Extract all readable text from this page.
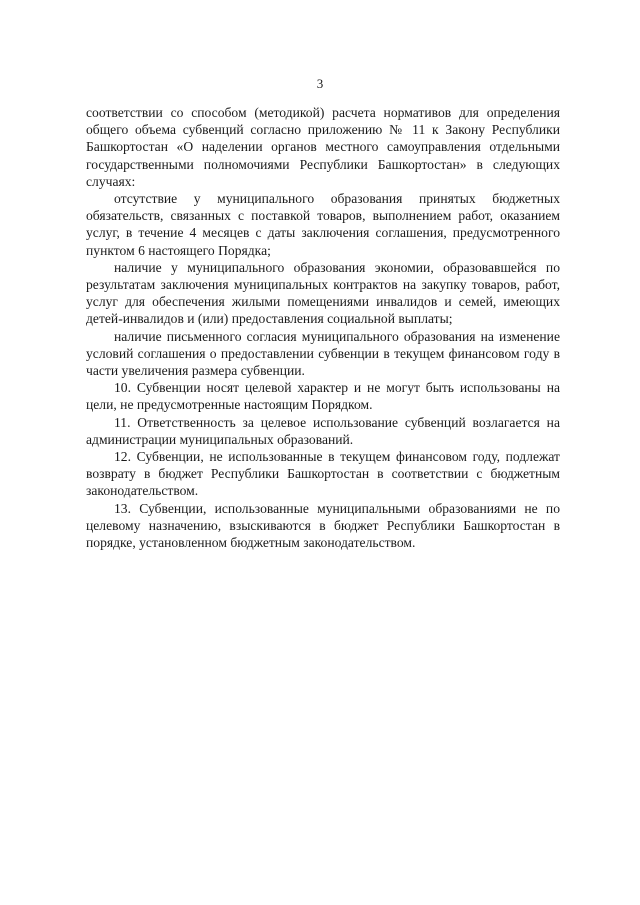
3

соответствии со способом (методикой) расчета нормативов для определения общего объема субвенций согласно приложению № 11 к Закону Республики Башкортостан «О наделении органов местного самоуправления отдельными государственными полномочиями Республики Башкортостан» в следующих случаях:

отсутствие у муниципального образования принятых бюджетных обязательств, связанных с поставкой товаров, выполнением работ, оказанием услуг, в течение 4 месяцев с даты заключения соглашения, предусмотренного пунктом 6 настоящего Порядка;

наличие у муниципального образования экономии, образовавшейся по результатам заключения муниципальных контрактов на закупку товаров, работ, услуг для обеспечения жилыми помещениями инвалидов и семей, имеющих детей-инвалидов и (или) предоставления социальной выплаты;

наличие письменного согласия муниципального образования на изменение условий соглашения о предоставлении субвенции в текущем финансовом году в части увеличения размера субвенции.

10. Субвенции носят целевой характер и не могут быть использованы на цели, не предусмотренные настоящим Порядком.

11. Ответственность за целевое использование субвенций возлагается на администрации муниципальных образований.

12. Субвенции, не использованные в текущем финансовом году, подлежат возврату в бюджет Республики Башкортостан в соответствии с бюджетным законодательством.

13. Субвенции, использованные муниципальными образованиями не по целевому назначению, взыскиваются в бюджет Республики Башкортостан в порядке, установленном бюджетным законодательством.
